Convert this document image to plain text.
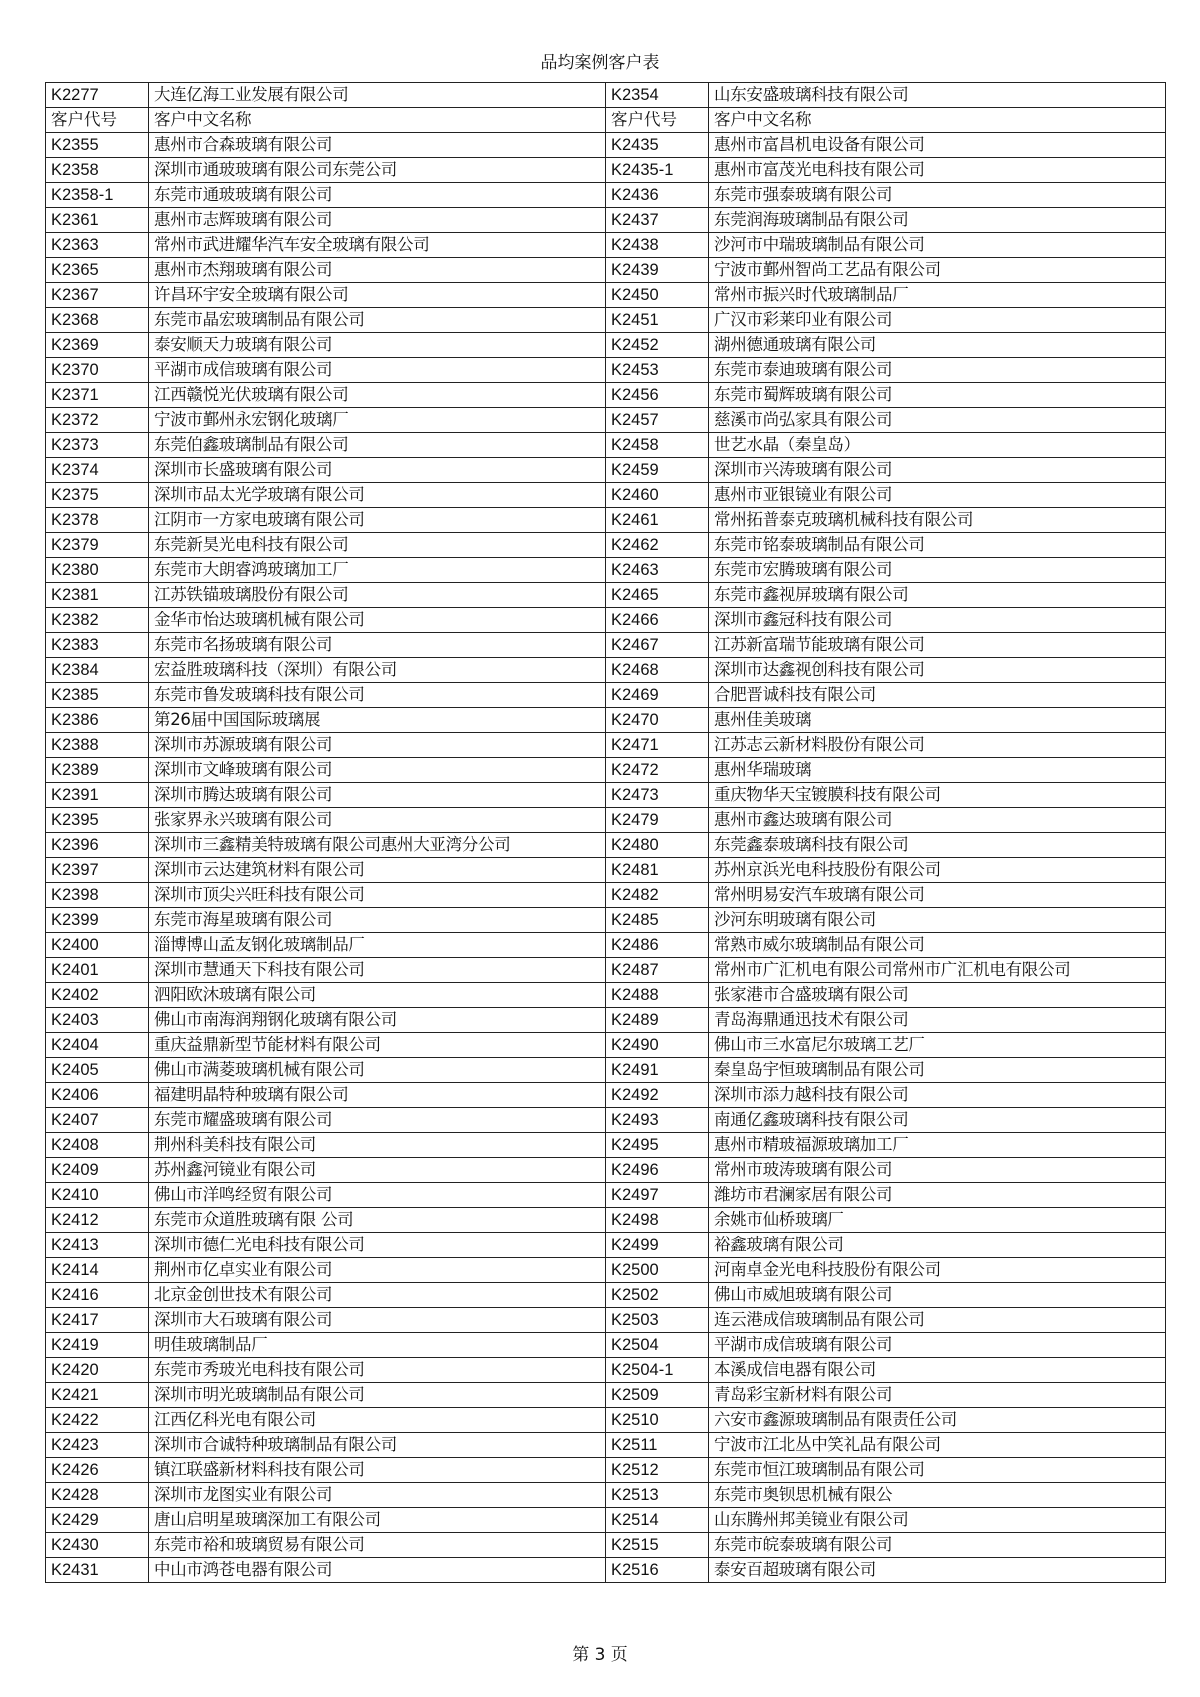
品均案例客户表
K2277	大连亿海工业发展有限公司	K2354	山东安盛玻璃科技有限公司
客户代号	客户中文名称	客户代号	客户中文名称
K2355	惠州市合森玻璃有限公司	K2435	惠州市富昌机电设备有限公司
K2358	深圳市通玻玻璃有限公司东莞公司	K2435-1	惠州市富茂光电科技有限公司
K2358-1	东莞市通玻玻璃有限公司	K2436	东莞市强泰玻璃有限公司
K2361	惠州市志辉玻璃有限公司	K2437	东莞润海玻璃制品有限公司
K2363	常州市武进耀华汽车安全玻璃有限公司	K2438	沙河市中瑞玻璃制品有限公司
K2365	惠州市杰翔玻璃有限公司	K2439	宁波市鄞州智尚工艺品有限公司
K2367	许昌环宇安全玻璃有限公司	K2450	常州市振兴时代玻璃制品厂
K2368	东莞市晶宏玻璃制品有限公司	K2451	广汉市彩莱印业有限公司
K2369	泰安顺天力玻璃有限公司	K2452	湖州德通玻璃有限公司
K2370	平湖市成信玻璃有限公司	K2453	东莞市泰迪玻璃有限公司
K2371	江西赣悦光伏玻璃有限公司	K2456	东莞市蜀辉玻璃有限公司
K2372	宁波市鄞州永宏钢化玻璃厂	K2457	慈溪市尚弘家具有限公司
K2373	东莞伯鑫玻璃制品有限公司	K2458	世艺水晶（秦皇岛）
K2374	深圳市长盛玻璃有限公司	K2459	深圳市兴涛玻璃有限公司
K2375	深圳市品太光学玻璃有限公司	K2460	惠州市亚银镜业有限公司
K2378	江阴市一方家电玻璃有限公司	K2461	常州拓普泰克玻璃机械科技有限公司
K2379	东莞新昊光电科技有限公司	K2462	东莞市铭泰玻璃制品有限公司
K2380	东莞市大朗睿鸿玻璃加工厂	K2463	东莞市宏腾玻璃有限公司
K2381	江苏铁锚玻璃股份有限公司	K2465	东莞市鑫视屏玻璃有限公司
K2382	金华市怡达玻璃机械有限公司	K2466	深圳市鑫冠科技有限公司
K2383	东莞市名扬玻璃有限公司	K2467	江苏新富瑞节能玻璃有限公司
K2384	宏益胜玻璃科技（深圳）有限公司	K2468	深圳市达鑫视创科技有限公司
K2385	东莞市鲁发玻璃科技有限公司	K2469	合肥晋诚科技有限公司
K2386	第26届中国国际玻璃展	K2470	惠州佳美玻璃
K2388	深圳市苏源玻璃有限公司	K2471	江苏志云新材料股份有限公司
K2389	深圳市文峰玻璃有限公司	K2472	惠州华瑞玻璃
K2391	深圳市腾达玻璃有限公司	K2473	重庆物华天宝镀膜科技有限公司
K2395	张家界永兴玻璃有限公司	K2479	惠州市鑫达玻璃有限公司
K2396	深圳市三鑫精美特玻璃有限公司惠州大亚湾分公司	K2480	东莞鑫泰玻璃科技有限公司
K2397	深圳市云达建筑材料有限公司	K2481	苏州京浜光电科技股份有限公司
K2398	深圳市顶尖兴旺科技有限公司	K2482	常州明易安汽车玻璃有限公司
K2399	东莞市海星玻璃有限公司	K2485	沙河东明玻璃有限公司
K2400	淄博博山孟友钢化玻璃制品厂	K2486	常熟市威尔玻璃制品有限公司
K2401	深圳市慧通天下科技有限公司	K2487	常州市广汇机电有限公司常州市广汇机电有限公司
K2402	泗阳欧沐玻璃有限公司	K2488	张家港市合盛玻璃有限公司
K2403	佛山市南海润翔钢化玻璃有限公司	K2489	青岛海鼎通迅技术有限公司
K2404	重庆益鼎新型节能材料有限公司	K2490	佛山市三水富尼尔玻璃工艺厂
K2405	佛山市满菱玻璃机械有限公司	K2491	秦皇岛宇恒玻璃制品有限公司
K2406	福建明晶特种玻璃有限公司	K2492	深圳市添力越科技有限公司
K2407	东莞市耀盛玻璃有限公司	K2493	南通亿鑫玻璃科技有限公司
K2408	荆州科美科技有限公司	K2495	惠州市精玻福源玻璃加工厂
K2409	苏州鑫河镜业有限公司	K2496	常州市玻涛玻璃有限公司
K2410	佛山市洋鸣经贸有限公司	K2497	潍坊市君澜家居有限公司
K2412	东莞市众道胜玻璃有限 公司	K2498	余姚市仙桥玻璃厂
K2413	深圳市德仁光电科技有限公司	K2499	裕鑫玻璃有限公司
K2414	荆州市亿卓实业有限公司	K2500	河南卓金光电科技股份有限公司
K2416	北京金创世技术有限公司	K2502	佛山市威旭玻璃有限公司
K2417	深圳市大石玻璃有限公司	K2503	连云港成信玻璃制品有限公司
K2419	明佳玻璃制品厂	K2504	平湖市成信玻璃有限公司
K2420	东莞市秀玻光电科技有限公司	K2504-1	本溪成信电器有限公司
K2421	深圳市明光玻璃制品有限公司	K2509	青岛彩宝新材料有限公司
K2422	江西亿科光电有限公司	K2510	六安市鑫源玻璃制品有限责任公司
K2423	深圳市合诚特种玻璃制品有限公司	K2511	宁波市江北丛中笑礼品有限公司
K2426	镇江联盛新材料科技有限公司	K2512	东莞市恒江玻璃制品有限公司
K2428	深圳市龙图实业有限公司	K2513	东莞市奥钡思机械有限公
K2429	唐山启明星玻璃深加工有限公司	K2514	山东腾州邦美镜业有限公司
K2430	东莞市裕和玻璃贸易有限公司	K2515	东莞市皖泰玻璃有限公司
K2431	中山市鸿苍电器有限公司	K2516	泰安百超玻璃有限公司
第 3 页
